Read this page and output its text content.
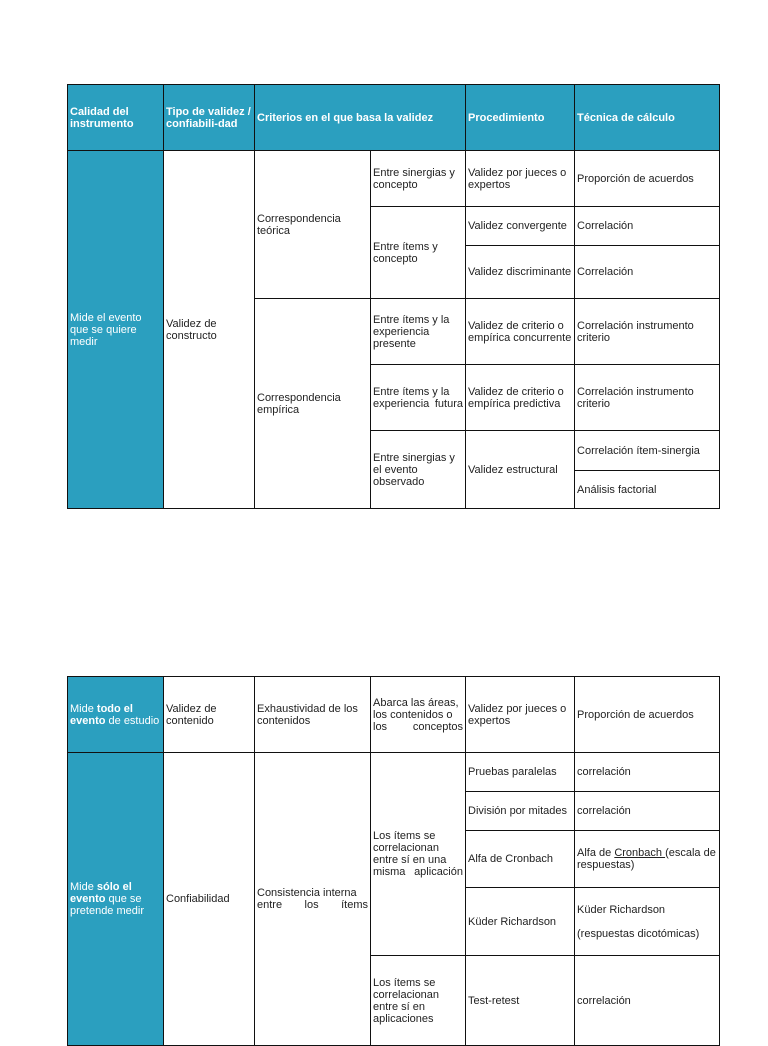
Calidad del instrumento	Tipo de validez / confiabili-dad	Criterios en el que basa la validez		Procedimiento	Técnica de cálculo
Mide el evento que se quiere medir	Validez de constructo	Correspondencia teórica	Entre sinergias y concepto	Validez por jueces o expertos	Proporción de acuerdos
			Entre ítems y concepto	Validez convergente	Correlación
				Validez discriminante	Correlación
		Correspondencia empírica	Entre ítems y la experiencia presente	Validez de criterio o empírica concurrente	Correlación instrumento criterio
			Entre ítems y la experiencia futura	Validez de criterio o empírica predictiva	Correlación instrumento criterio
			Entre sinergias y el evento observado	Validez estructural	Correlación ítem-sinergia
					Análisis factorial
Mide todo el evento de estudio	Validez de contenido	Exhaustividad de los contenidos	Abarca las áreas, los contenidos o los conceptos	Validez por jueces o expertos	Proporción de acuerdos
Mide sólo el evento que se pretende medir	Confiabilidad	Consistencia interna entre los ítems	Los ítems se correlacionan entre sí en una misma aplicación	Pruebas paralelas	correlación
				División por mitades	correlación
				Alfa de Cronbach	Alfa de Cronbach (escala de respuestas)
				Küder Richardson	Küder Richardson
(respuestas dicotómicas)

			Los ítems se correlacionan entre sí en aplicaciones	Test-retest	correlación
